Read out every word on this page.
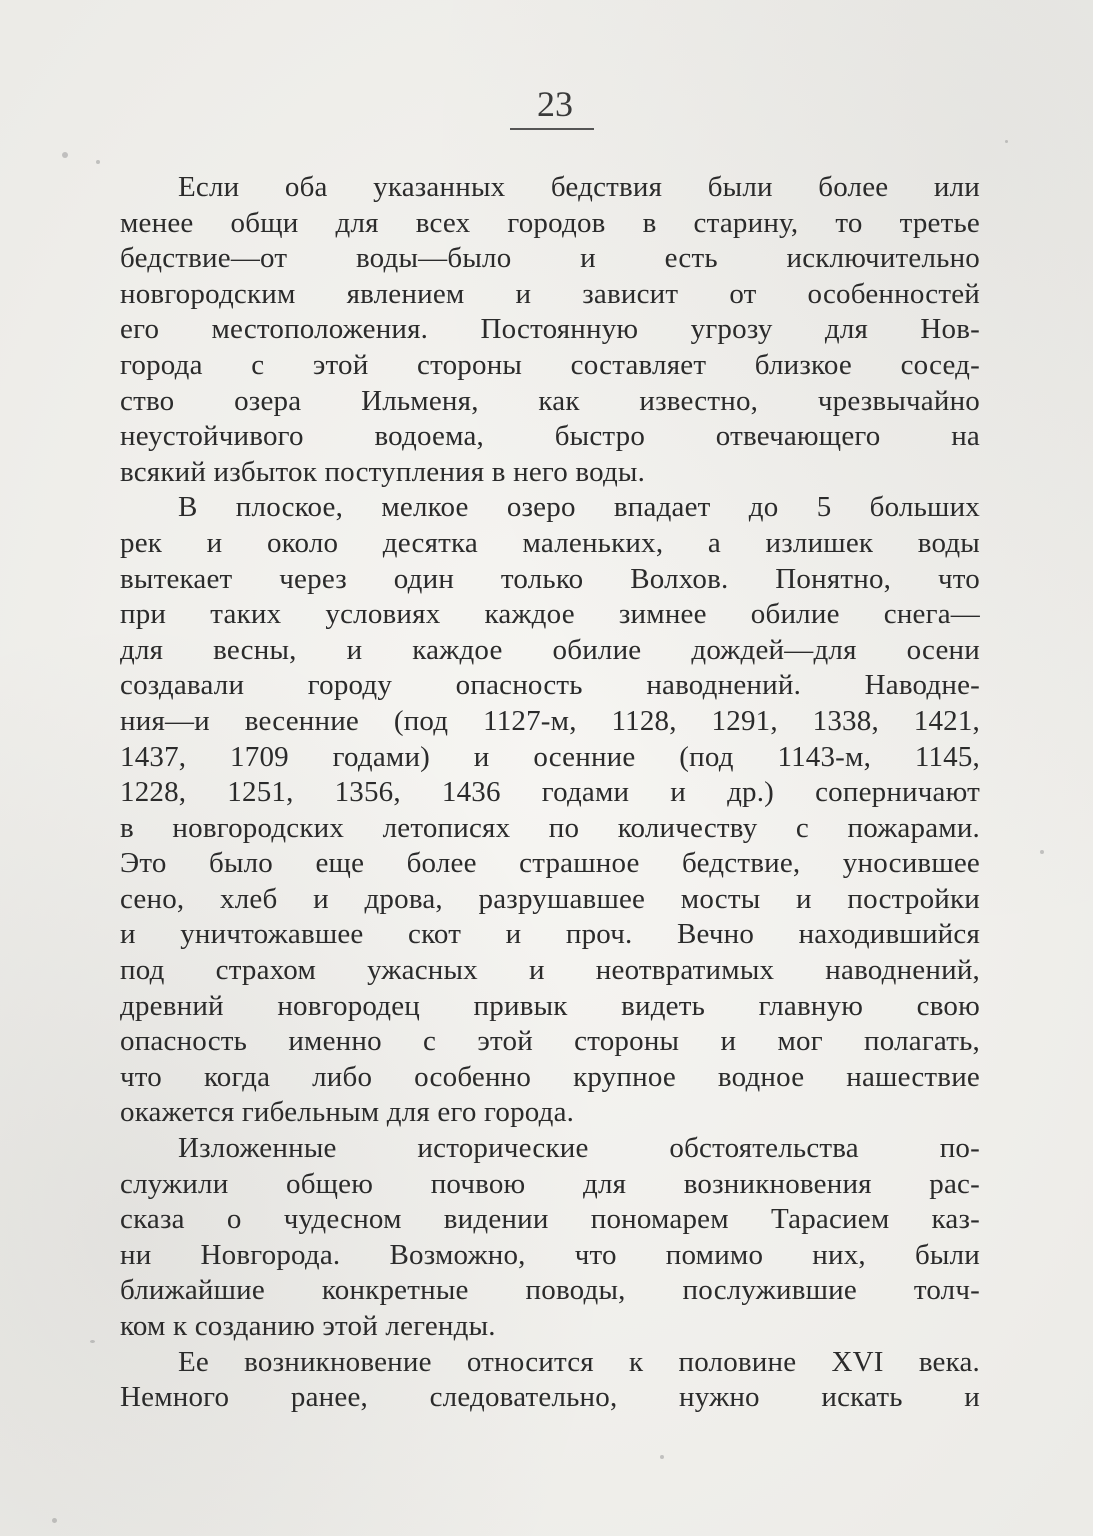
23
Если оба указанных бедствия были более или
менее общи для всех городов в старину, то третье
бедствие—от воды—было и есть исключительно
новгородским явлением и зависит от особенностей
его местоположения. Постоянную угрозу для Нов-
города с этой стороны составляет близкое сосед-
ство озера Ильменя, как известно, чрезвычайно
неустойчивого водоема, быстро отвечающего на
всякий избыток поступления в него воды.
В плоское, мелкое озеро впадает до 5 больших
рек и около десятка маленьких, а излишек воды
вытекает через один только Волхов. Понятно, что
при таких условиях каждое зимнее обилие снега—
для весны, и каждое обилие дождей—для осени
создавали городу опасность наводнений. Наводне-
ния—и весенние (под 1127-м, 1128, 1291, 1338, 1421,
1437, 1709 годами) и осенние (под 1143-м, 1145,
1228, 1251, 1356, 1436 годами и др.) соперничают
в новгородских летописях по количеству с пожарами.
Это было еще более страшное бедствие, уносившее
сено, хлеб и дрова, разрушавшее мосты и постройки
и уничтожавшее скот и проч. Вечно находившийся
под страхом ужасных и неотвратимых наводнений,
древний новгородец привык видеть главную свою
опасность именно с этой стороны и мог полагать,
что когда либо особенно крупное водное нашествие
окажется гибельным для его города.
Изложенные исторические обстоятельства по-
служили общею почвою для возникновения рас-
сказа о чудесном видении пономарем Тарасием каз-
ни Новгорода. Возможно, что помимо них, были
ближайшие конкретные поводы, послужившие толч-
ком к созданию этой легенды.
Ее возникновение относится к половине XVI века.
Немного ранее, следовательно, нужно искать и
